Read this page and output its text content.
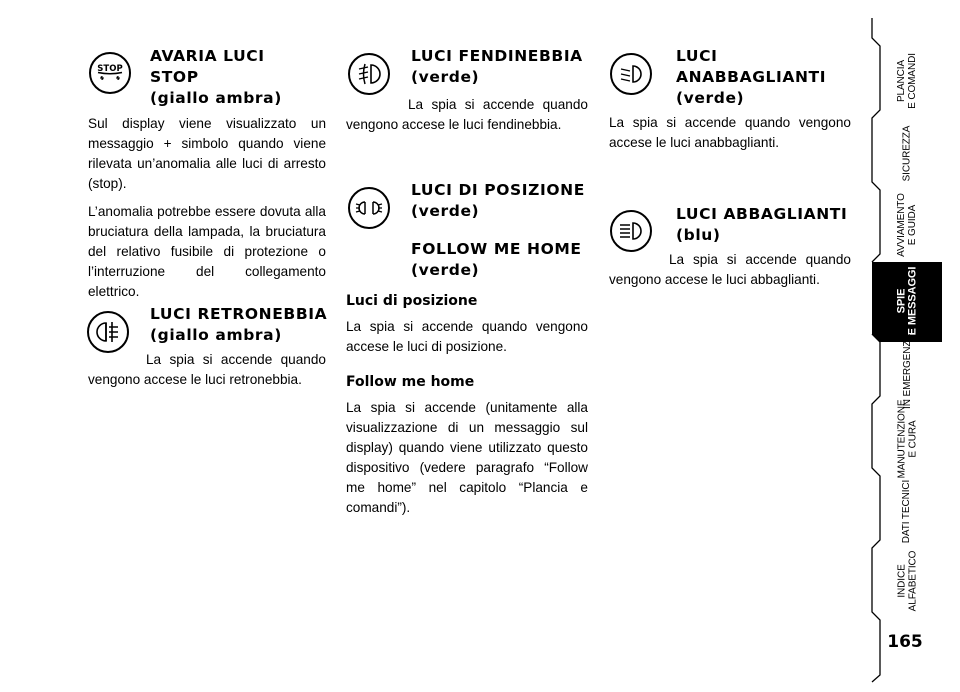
STOP
AVARIA LUCI
STOP
(giallo ambra)

Sul display viene visualizzato un messaggio + simbolo quando viene rilevata un’anomalia alle luci di arresto (stop).

L’anomalia potrebbe essere dovuta alla bruciatura della lampada, la bruciatura del relativo fusibile di protezione o l’interruzione del collegamento elettrico.

LUCI RETRONEBBIA
(giallo ambra)

La spia si accende quando vengono accese le luci retronebbia.

LUCI FENDINEBBIA
(verde)

La spia si accende quando vengono accese le luci fendinebbia.

LUCI DI POSIZIONE
(verde)
FOLLOW ME HOME
(verde)
Luci di posizione

La spia si accende quando vengono accese le luci di posizione.

Follow me home

La spia si accende (unitamente alla visualizzazione di un messaggio sul display) quando viene utilizzato questo dispositivo (vedere paragrafo “Follow me home” nel capitolo “Plancia e comandi”).

LUCI
ANABBAGLIANTI
(verde)

La spia si accende quando vengono accese le luci anabbaglianti.

LUCI ABBAGLIANTI
(blu)

La spia si accende quando vengono accese le luci abbaglianti.

PLANCIA
E COMANDI
SICUREZZA
AVVIAMENTO
E GUIDA
SPIE
E MESSAGGI
IN EMERGENZA
MANUTENZIONE
E CURA
DATI TECNICI
INDICE
ALFABETICO
165
